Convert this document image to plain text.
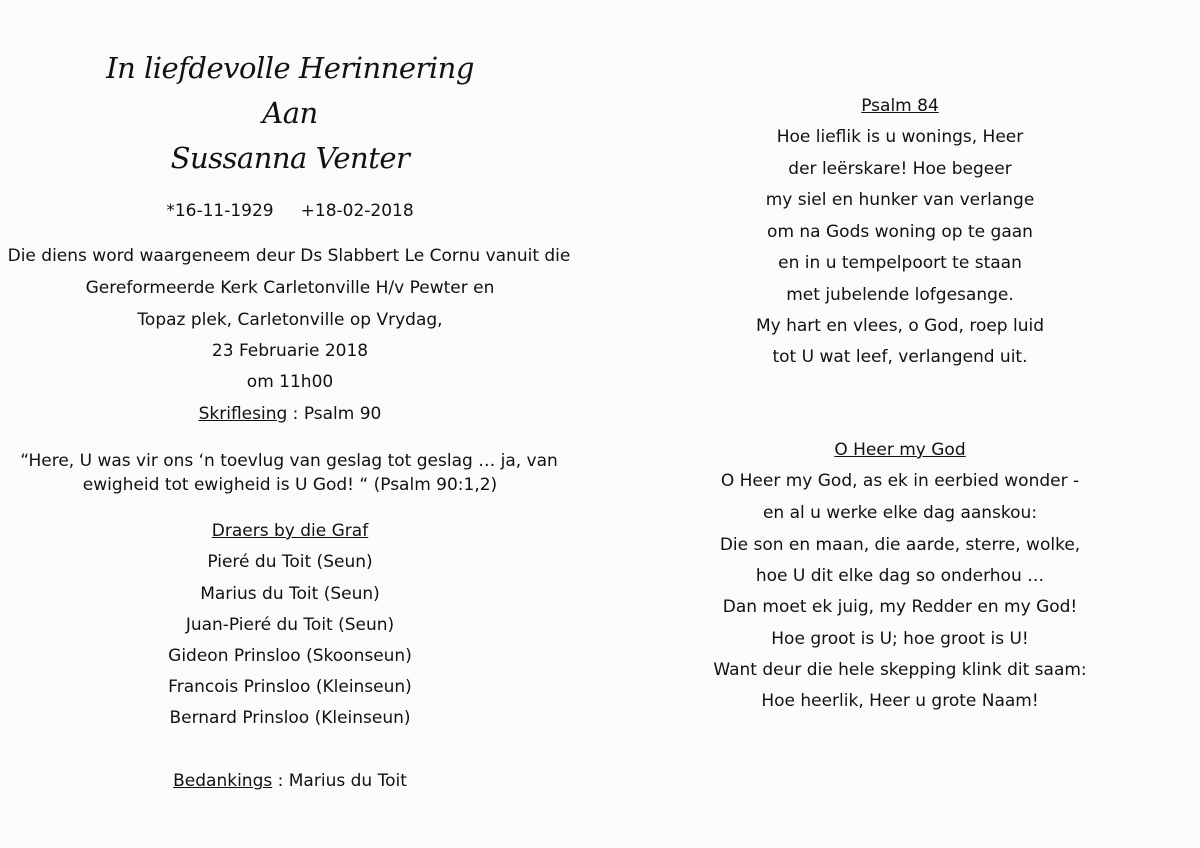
In liefdevolle Herinnering
Aan
Sussanna Venter
*16-11-1929     +18-02-2018
Die diens word waargeneem deur Ds Slabbert Le Cornu vanuit die
Gereformeerde Kerk Carletonville H/v Pewter en
Topaz plek, Carletonville op Vrydag,
23 Februarie 2018
om 11h00
Skriflesing : Psalm 90
“Here, U was vir ons ‘n toevlug van geslag tot geslag … ja, van
ewigheid tot ewigheid is U God! “ (Psalm 90:1,2)
Draers by die Graf
Pieré du Toit (Seun)
Marius du Toit (Seun)
Juan-Pieré du Toit (Seun)
Gideon Prinsloo (Skoonseun)
Francois Prinsloo (Kleinseun)
Bernard Prinsloo (Kleinseun)
Bedankings : Marius du Toit
Psalm 84
Hoe lieflik is u wonings, Heer
der leërskare! Hoe begeer
my siel en hunker van verlange
om na Gods woning op te gaan
en in u tempelpoort te staan
met jubelende lofgesange.
My hart en vlees, o God, roep luid
tot U wat leef, verlangend uit.
O Heer my God
O Heer my God, as ek in eerbied wonder -
en al u werke elke dag aanskou:
Die son en maan, die aarde, sterre, wolke,
hoe U dit elke dag so onderhou …
Dan moet ek juig, my Redder en my God!
Hoe groot is U; hoe groot is U!
Want deur die hele skepping klink dit saam:
Hoe heerlik, Heer u grote Naam!
